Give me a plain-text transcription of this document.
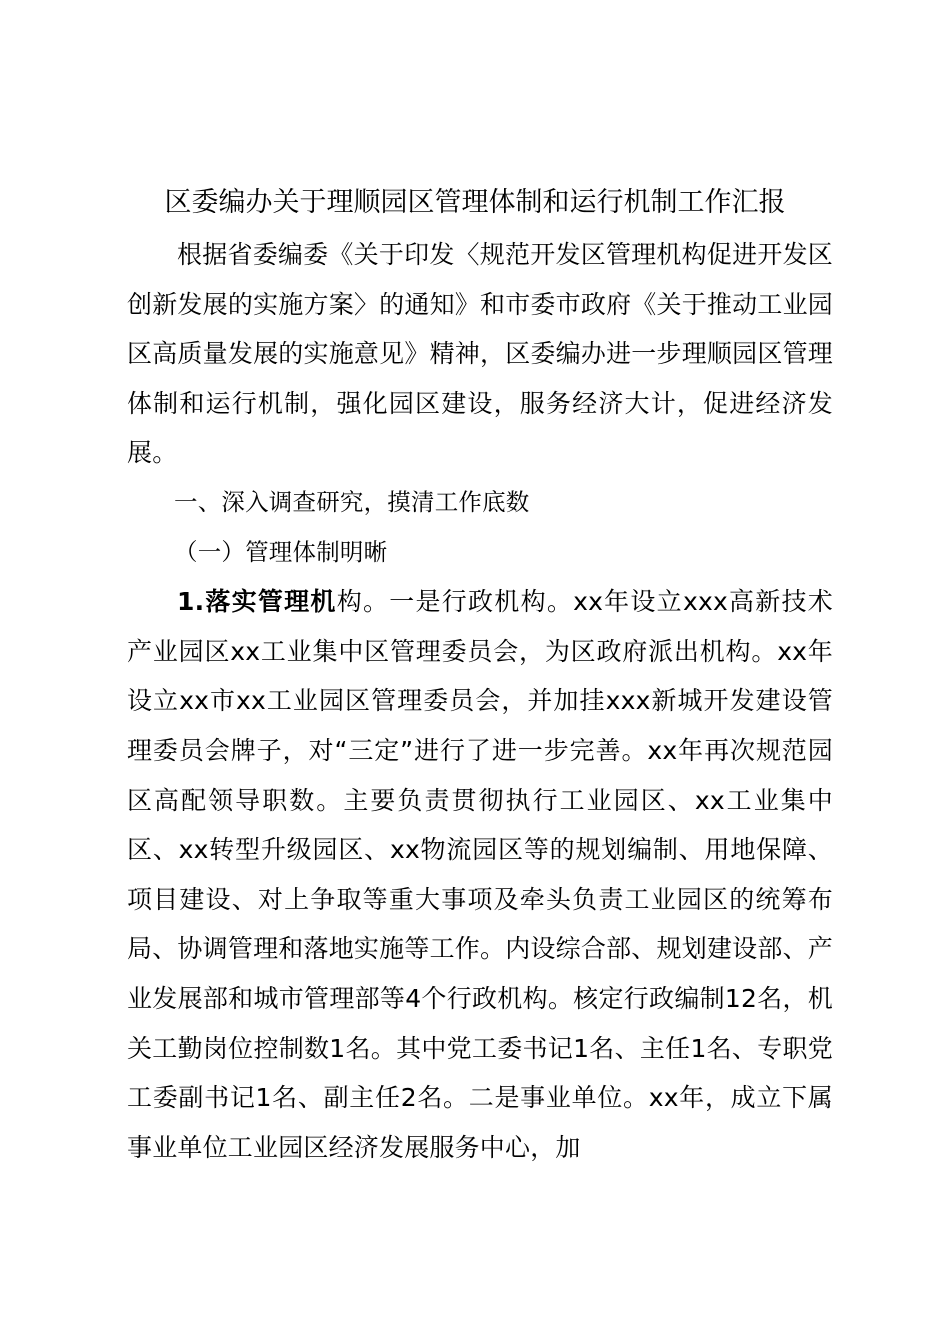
区委编办关于理顺园区管理体制和运行机制工作汇报

根据省委编委《关于印发〈规范开发区管理机构促进开发区创新发展的实施方案〉的通知》和市委市政府《关于推动工业园区高质量发展的实施意见》精神，区委编办进一步理顺园区管理体制和运行机制，强化园区建设，服务经济大计，促进经济发展。

一、深入调查研究，摸清工作底数

（一）管理体制明晰

1.落实管理机构。一是行政机构。xx年设立xxx高新技术产业园区xx工业集中区管理委员会，为区政府派出机构。xx年设立xx市xx工业园区管理委员会，并加挂xxx新城开发建设管理委员会牌子，对“三定”进行了进一步完善。xx年再次规范园区高配领导职数。主要负责贯彻执行工业园区、xx工业集中区、xx转型升级园区、xx物流园区等的规划编制、用地保障、项目建设、对上争取等重大事项及牵头负责工业园区的统筹布局、协调管理和落地实施等工作。内设综合部、规划建设部、产业发展部和城市管理部等4个行政机构。核定行政编制12名，机关工勤岗位控制数1名。其中党工委书记1名、主任1名、专职党工委副书记1名、副主任2名。二是事业单位。xx年，成立下属事业单位工业园区经济发展服务中心，加
